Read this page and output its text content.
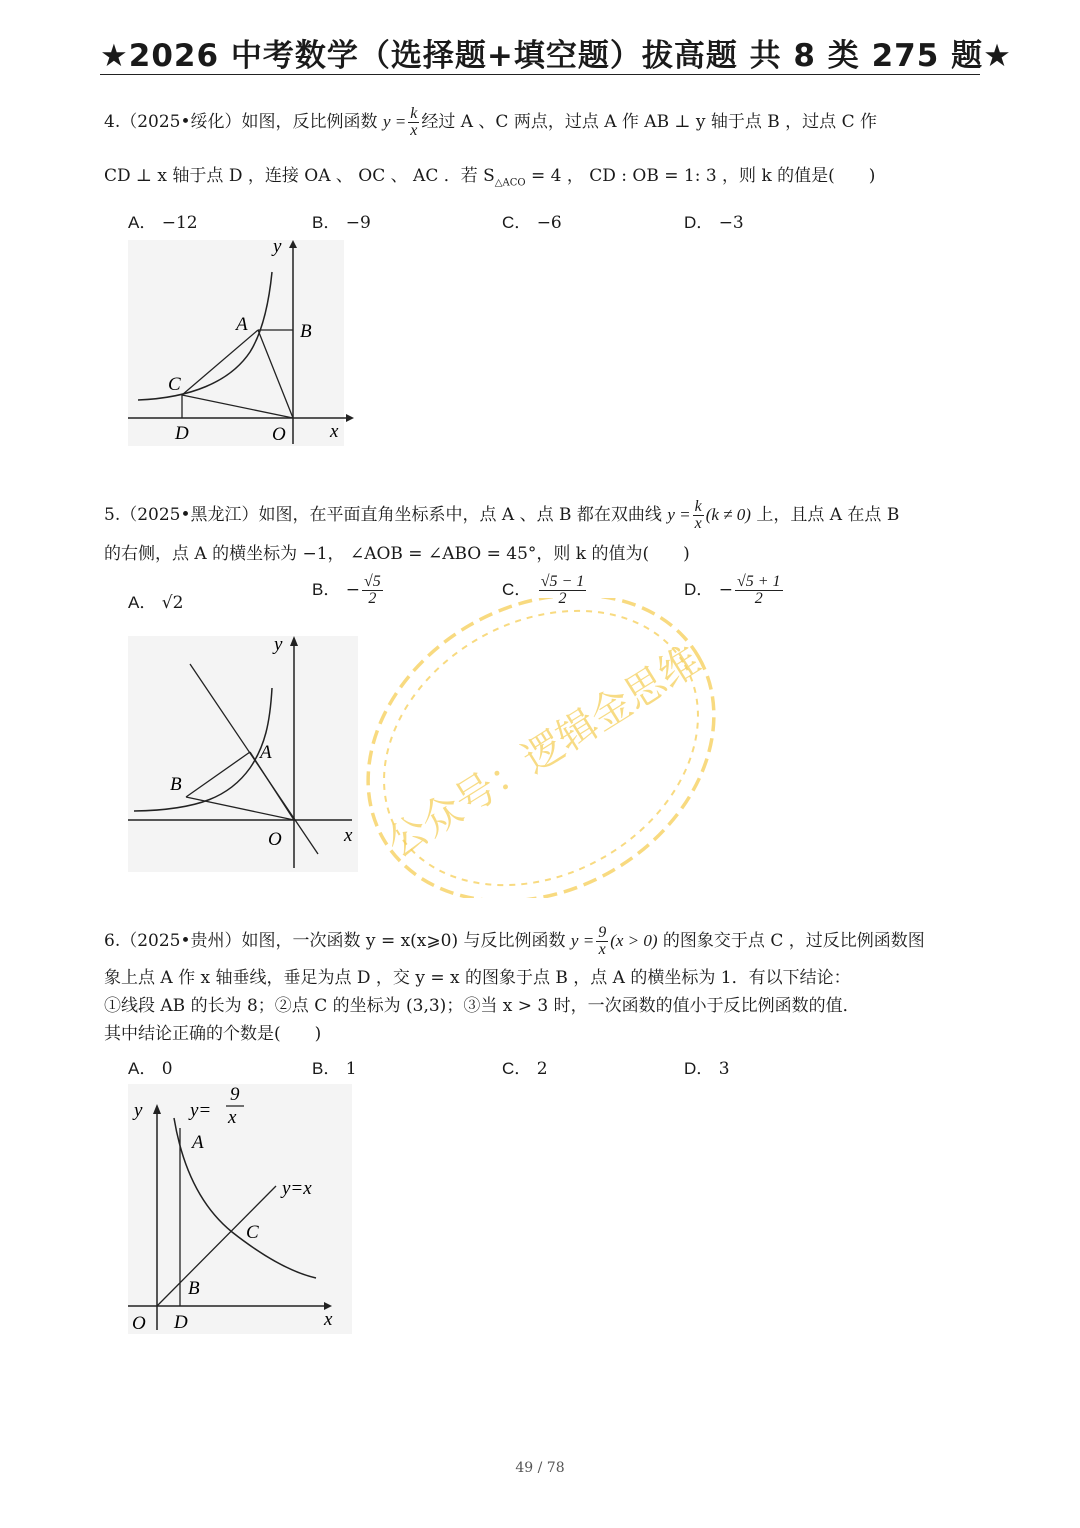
★2026 中考数学（选择题+填空题）拔高题 共 8 类 275 题★
4.（2025•绥化）如图，反比例函数 $y = \frac{k}{x}$ 经过 A 、C 两点，过点 A 作 AB ⊥ y 轴于点 B ，过点 C 作
CD ⊥ x 轴于点 D ，连接 OA 、 OC 、 AC ．若 $S_{\triangle ACO} = 4$ ， CD : OB = 1: 3 ，则 k 的值是(　　)
A． −12	B． −9	C． −6	D． −3
y
x
A	B
C
D	O
5.（2025•黑龙江）如图，在平面直角坐标系中，点 A 、点 B 都在双曲线 $y = \frac{k}{x} (k \ne 0)$ 上，且点 A 在点 B
的右侧，点 A 的横坐标为 −1， ∠AOB = ∠ABO = 45°，则 k 的值为(　　)
A． √2
B． − $\frac{√5}{2}$	C． $\frac{√5 - 1}{2}$	D． − $\frac{√5 + 1}{2}$
y
x
A
B
O
6.（2025•贵州）如图，一次函数 y = x(x⩾0) 与反比例函数 $y = \frac{9}{x} (x > 0)$ 的图象交于点 C ，过反比例函数图
象上点 A 作 x 轴垂线，垂足为点 D ，交 y = x 的图象于点 B ，点 A 的横坐标为 1．有以下结论：
①线段 AB 的长为 8；②点 C 的坐标为 (3,3)；③当 x > 3 时，一次函数的值小于反比例函数的值．
其中结论正确的个数是(　　)
A． 0	B． 1	C． 2	D． 3
y	y=
9
x
A
y=x
C
B
x
O D
公众号：逻辑金思维
49 / 78
